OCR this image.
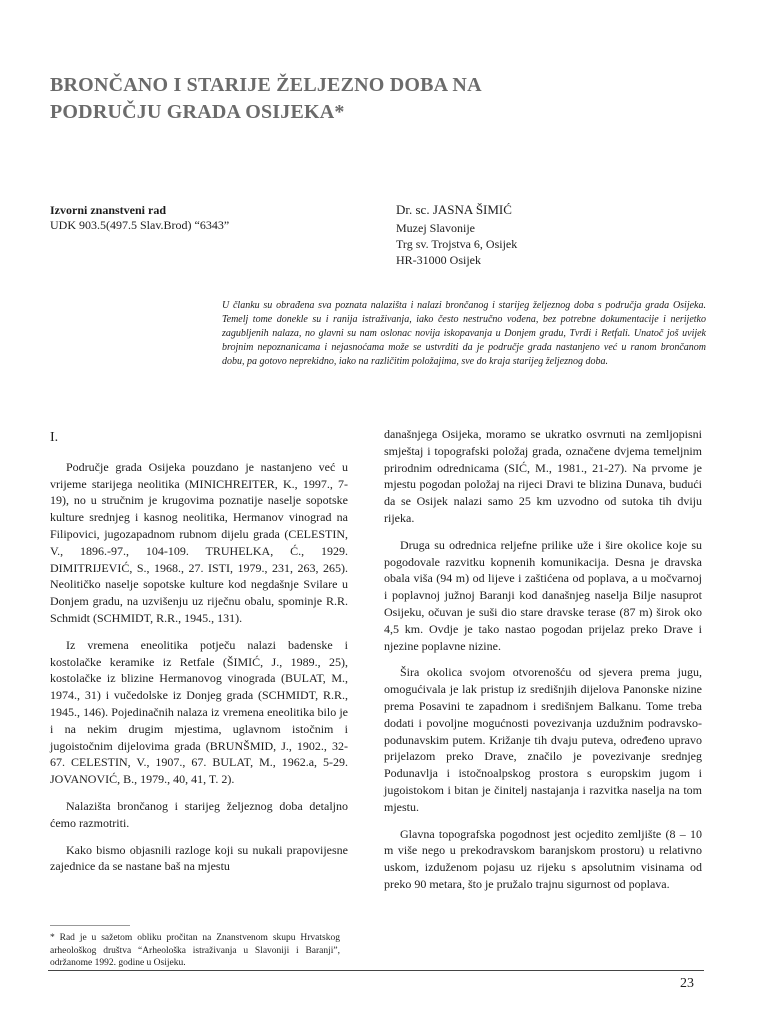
BRONČANO I STARIJE ŽELJEZNO DOBA NA
PODRUČJU GRADA OSIJEKA*
Izvorni znanstveni rad
UDK 903.5(497.5 Slav.Brod) “6343”
Dr. sc. JASNA ŠIMIĆ
Muzej Slavonije
Trg sv. Trojstva 6, Osijek
HR-31000 Osijek

U članku su obrađena sva poznata nalazišta i nalazi brončanog i starijeg željeznog doba s područja grada Osijeka. Temelj tome donekle su i ranija istraživanja, iako često nestručno vođena, bez potrebne dokumentacije i nerijetko zagubljenih nalaza, no glavni su nam oslonac novija iskopavanja u Donjem gradu, Tvrđi i Retfali. Unatoč još uvijek brojnim nepoznanicama i nejasnoćama može se ustvrditi da je područje grada nastanjeno već u ranom brončanom dobu, pa gotovo neprekidno, iako na različitim položajima, sve do kraja starijeg željeznog doba.

I.

Područje grada Osijeka pouzdano je nastanjeno već u vrijeme starijega neolitika (MINICHREITER, K., 1997., 7-19), no u stručnim je krugovima poznatije naselje sopotske kulture srednjeg i kasnog neolitika, Hermanov vinograd na Filipovici, jugozapadnom rubnom dijelu grada (CELESTIN, V., 1896.-97., 104-109. TRUHELKA, Ć., 1929. DIMITRIJEVIĆ, S., 1968., 27. ISTI, 1979., 231, 263, 265). Neolitičko naselje sopotske kulture kod negdašnje Svilare u Donjem gradu, na uzvišenju uz riječnu obalu, spominje R.R. Schmidt (SCHMIDT, R.R., 1945., 131).

Iz vremena eneolitika potječu nalazi badenske i kostolačke keramike iz Retfale (ŠIMIĆ, J., 1989., 25), kostolačke iz blizine Hermanovog vinograda (BULAT, M., 1974., 31) i vučedolske iz Donjeg grada (SCHMIDT, R.R., 1945., 146). Pojedinačnih nalaza iz vremena eneolitika bilo je i na nekim drugim mjestima, uglavnom istočnim i jugoistočnim dijelovima grada (BRUNŠMID, J., 1902., 32-67. CELESTIN, V., 1907., 67. BULAT, M., 1962.a, 5-29. JOVANOVIĆ, B., 1979., 40, 41, T. 2).

Nalazišta brončanog i starijeg željeznog doba detaljno ćemo razmotriti.

Kako bismo objasnili razloge koji su nukali prapovijesne zajednice da se nastane baš na mjestu

današnjega Osijeka, moramo se ukratko osvrnuti na zemljopisni smještaj i topografski položaj grada, označene dvjema temeljnim prirodnim odrednicama (SIĆ, M., 1981., 21-27). Na prvome je mjestu pogodan položaj na rijeci Dravi te blizina Dunava, budući da se Osijek nalazi samo 25 km uzvodno od sutoka tih dviju rijeka.

Druga su odrednica reljefne prilike uže i šire okolice koje su pogodovale razvitku kopnenih komunikacija. Desna je dravska obala viša (94 m) od lijeve i zaštićena od poplava, a u močvarnoj i poplavnoj južnoj Baranji kod današnjeg naselja Bilje nasuprot Osijeku, očuvan je suši dio stare dravske terase (87 m) širok oko 4,5 km. Ovdje je tako nastao pogodan prijelaz preko Drave i njezine poplavne nizine.

Šira okolica svojom otvorenošću od sjevera prema jugu, omogućivala je lak pristup iz središnjih dijelova Panonske nizine prema Posavini te zapadnom i središnjem Balkanu. Tome treba dodati i povoljne mogućnosti povezivanja uzdužnim podravsko-podunavskim putem. Križanje tih dvaju puteva, određeno upravo prijelazom preko Drave, značilo je povezivanje srednjeg Podunavlja i istočnoalpskog prostora s europskim jugom i jugoistokom i bitan je činitelj nastajanja i razvitka naselja na tom mjestu.

Glavna topografska pogodnost jest ocjedito zemljište (8 – 10 m više nego u prekodravskom baranjskom prostoru) u relativno uskom, izduženom pojasu uz rijeku s apsolutnim visinama od preko 90 metara, što je pružalo trajnu sigurnost od poplava.

* Rad je u sažetom obliku pročitan na Znanstvenom skupu Hrvatskog arheološkog društva “Arheološka istraživanja u Slavoniji i Baranji”, održanome 1992. godine u Osijeku.

23
